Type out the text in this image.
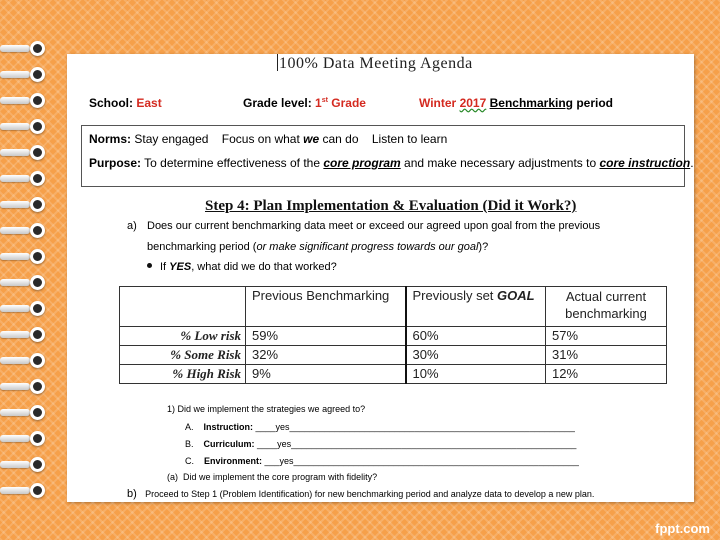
100% Data Meeting Agenda
School: East	Grade level: 1st Grade	Winter 2017 Benchmarking period
Norms: Stay engaged Focus on what we can do Listen to learn
Purpose: To determine effectiveness of the core program and make necessary adjustments to core instruction.
Step 4: Plan Implementation & Evaluation (Did it Work?)
a) Does our current benchmarking data meet or exceed our agreed upon goal from the previous
benchmarking period (or make significant progress towards our goal)?
If YES, what did we do that worked?
	Previous Benchmarking	Previously set GOAL	Actual current benchmarking
% Low risk	59%	60%	57%
% Some Risk	32%	30%	31%
% High Risk	9%	10%	12%
1) Did we implement the strategies we agreed to?
A. Instruction: ____yes_________________________________________________________
B. Curriculum: ____yes_________________________________________________________
C. Environment: ___yes_________________________________________________________
(a) Did we implement the core program with fidelity?
b) Proceed to Step 1 (Problem Identification) for new benchmarking period and analyze data to develop a new plan.
fppt.com
